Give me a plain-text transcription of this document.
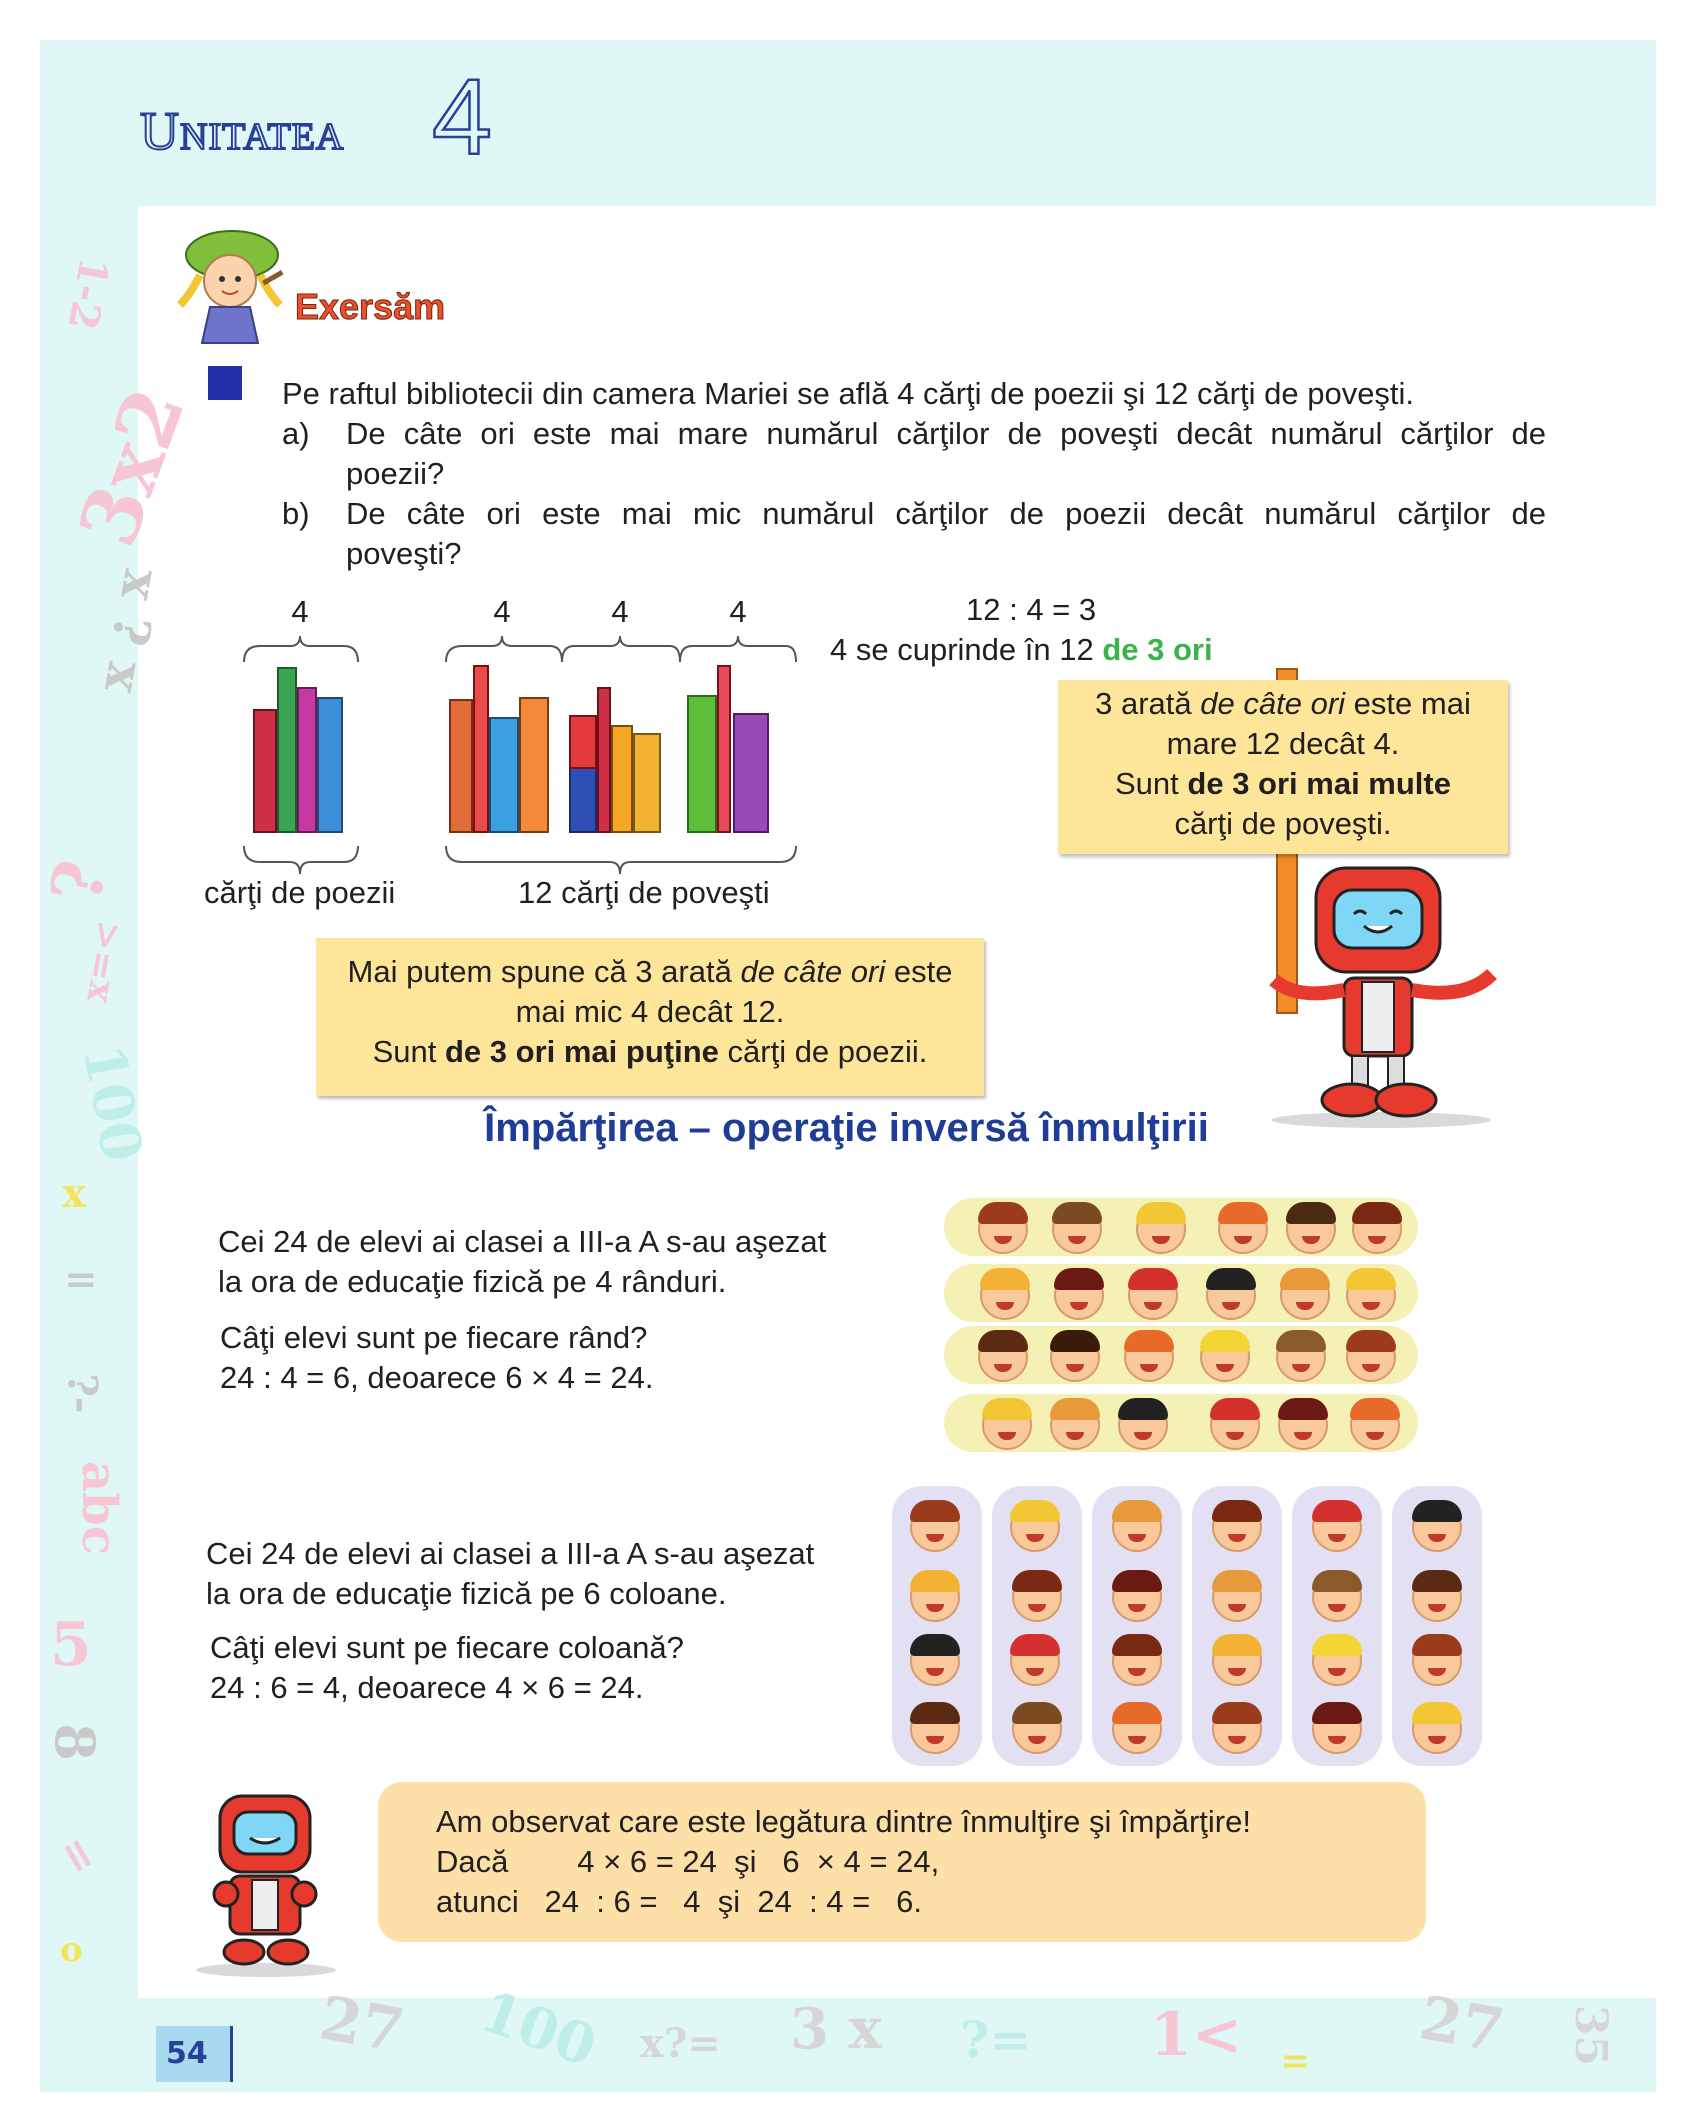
1-2
3x2
x ¿ x
?
x=<
100
x
=
?-
abc
5
8
=
o
27 100 x?= 3 x ?= 1< = 27 35
Unitatea 4
Exersăm
Pe raftul bibliotecii din camera Mariei se află 4 cărţi de poezii şi 12 cărţi de poveşti.
a) De câte ori este mai mare numărul cărţilor de poveşti decât numărul cărţilor de
poezii?
b) De câte ori este mai mic numărul cărţilor de poezii decât numărul cărţilor de
poveşti?
4	4	4	4
cărţi de poezii	12 cărţi de poveşti
12 : 4 = 3
4 se cuprinde în 12 de 3 ori
3 arată de câte ori este mai
mare 12 decât 4.
Sunt de 3 ori mai multe
cărţi de poveşti.
Mai putem spune că 3 arată de câte ori este
mai mic 4 decât 12.
Sunt de 3 ori mai puţine cărţi de poezii.
Împărţirea – operaţie inversă înmulţirii
Cei 24 de elevi ai clasei a III-a A s-au aşezat
la ora de educaţie fizică pe 4 rânduri.
Câţi elevi sunt pe fiecare rând?
24 : 4 = 6, deoarece 6 × 4 = 24.
Cei 24 de elevi ai clasei a III-a A s-au aşezat
la ora de educaţie fizică pe 6 coloane.
Câţi elevi sunt pe fiecare coloană?
24 : 6 = 4, deoarece 4 × 6 = 24.
Am observat care este legătura dintre înmulţire şi împărţire!
Dacă        4 × 6 = 24  şi   6  × 4 = 24,
atunci   24  : 6 =   4  şi  24  : 4 =   6.
54
